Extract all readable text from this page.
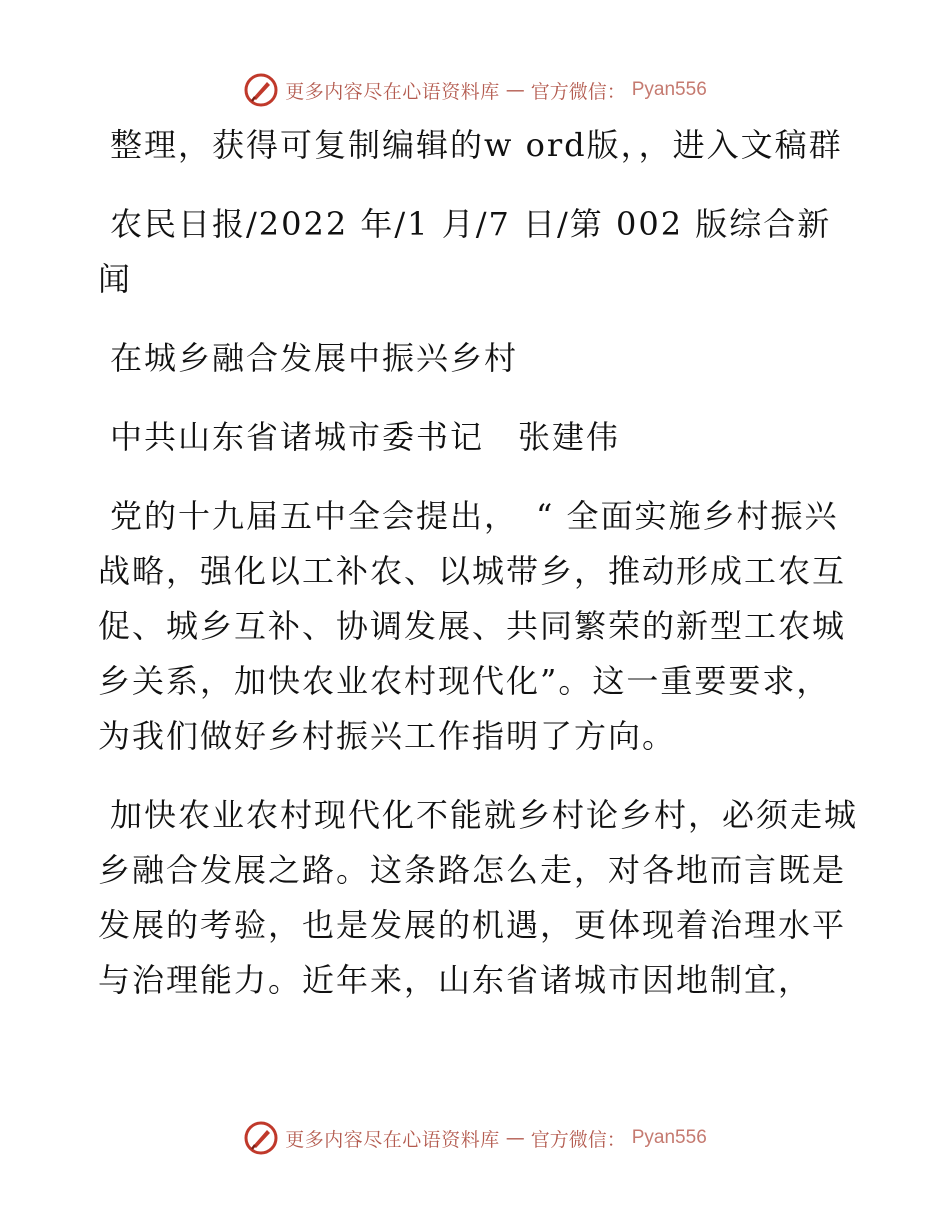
更多内容尽在心语资料库 — 官方微信： Pyan556

整理，获得可复制编辑的w ord版，，进入文稿群

农民日报/2022 年/1 月/7 日/第 002 版综合新闻

在城乡融合发展中振兴乡村

中共山东省诸城市委书记　张建伟

党的十九届五中全会提出，　“ 全面实施乡村振兴战略，强化以工补农、以城带乡，推动形成工农互促、城乡互补、协调发展、共同繁荣的新型工农城乡关系，加快农业农村现代化”。这一重要要求，为我们做好乡村振兴工作指明了方向。

加快农业农村现代化不能就乡村论乡村，必须走城乡融合发展之路。这条路怎么走，对各地而言既是发展的考验，也是发展的机遇，更体现着治理水平与治理能力。近年来，山东省诸城市因地制宜，

更多内容尽在心语资料库 — 官方微信： Pyan556
